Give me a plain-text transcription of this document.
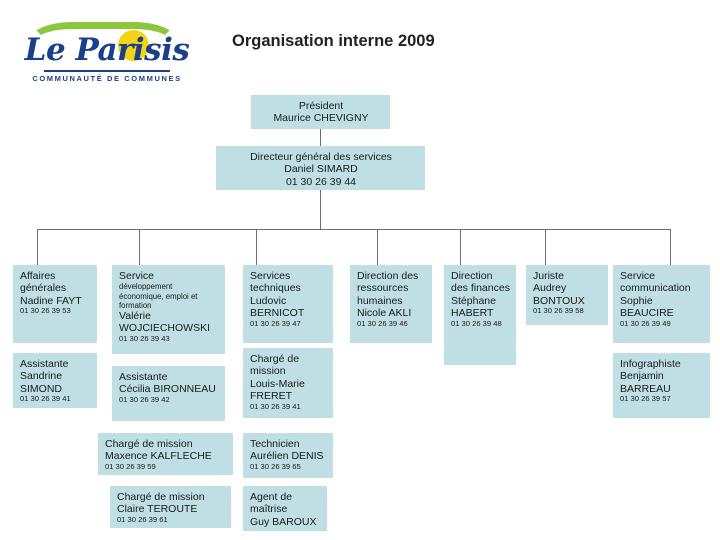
Le Parisis
COMMUNAUTÉ DE COMMUNES
Organisation interne 2009
Président
Maurice CHEVIGNY
Directeur général des services
Daniel SIMARD
01 30 26 39 44
Affaires générales
Nadine FAYT
01 30 26 39 53
Assistante
Sandrine SIMOND
01 30 26 39 41
Service
développement économique, emploi et formation
Valérie WOJCIECHOWSKI
01 30 26 39 43
Assistante
Cécilia BIRONNEAU
01 30 26 39 42
Chargé de mission
Maxence KALFLECHE
01 30 26 39 59
Chargé de mission
Claire TEROUTE
01 30 26 39 61
Services techniques
Ludovic BERNICOT
01 30 26 39 47
Chargé de mission
Louis-Marie FRERET
01 30 26 39 41
Technicien
Aurélien DENIS
01 30 26 39 65
Agent de maîtrise
Guy BAROUX
Direction des ressources humaines
Nicole AKLI
01 30 26 39 46
Direction des finances
Stéphane HABERT
01 30 26 39 48
Juriste
Audrey BONTOUX
01 30 26 39 58
Service communication
Sophie BEAUCIRE
01 30 26 39 49
Infographiste
Benjamin BARREAU
01 30 26 39 57
